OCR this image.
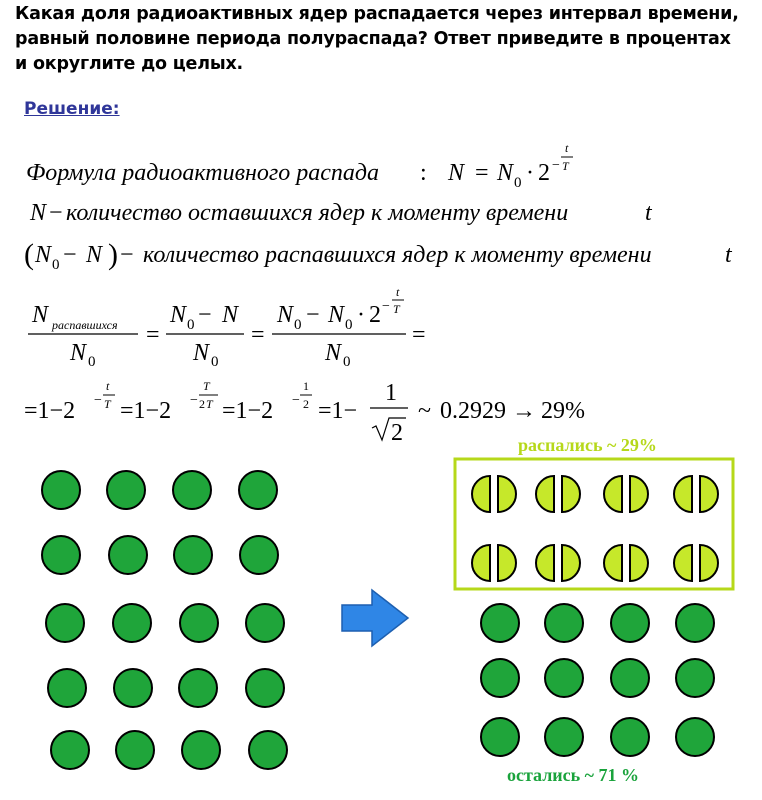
Какая доля радиоактивных ядер распадается через интервал времени,
равный половине периода полураспада? Ответ приведите в процентах
и округлите до целых.
Решение:
Формула радиоактивного распада : N = N 0 · 2 −
t
T
N − количество оставшихся ядер к моменту времени	t
( N 0 − N ) − количество распавшихся ядер к моменту времени	t
N распавшихся
N 0
=
N 0 − N
N 0
=
N 0 − N 0 · 2 −
t
T
N 0
=
=1−2 −
t
T =1−2 −
T
2 T =1−2 −
1
2 =1−
1
2
~ 0.2929 → 29%
распались ~ 29%
остались ~ 71 %
